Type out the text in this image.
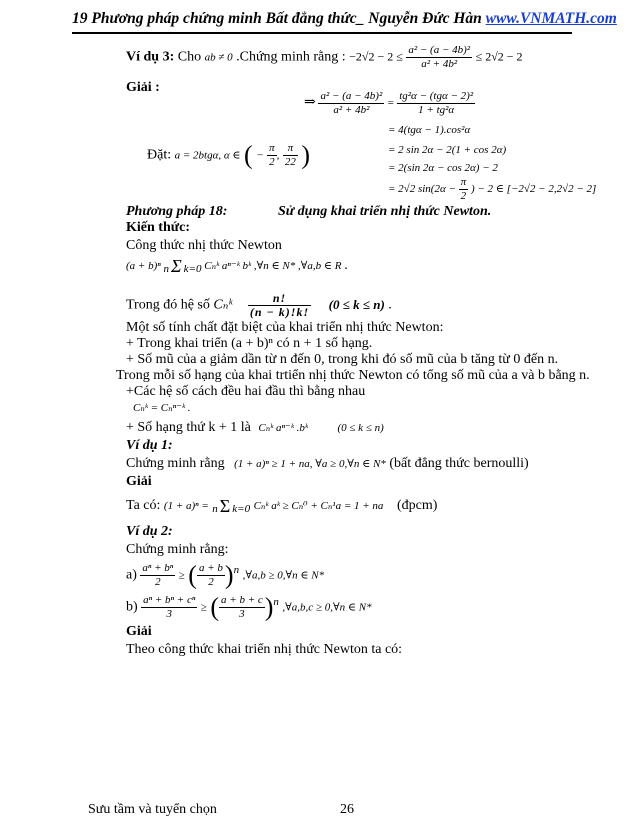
19 Phương pháp chứng minh Bất đẳng thức_ Nguyễn Đức Hàn www.VNMATH.com
Ví dụ 3: Cho ab ≠ 0 .Chứng minh rằng : $-2√2 - 2 \le \frac{\text{a² − (a − 4b)²}}{\text{a² + 4b²}} \le 2√2 - 2$
Giải :
⇒ $\frac{\text{a² − (a − 4b)²}}{\text{a² + 4b²}} = \frac{\text{tg²α − (tgα − 2)²}}{\text{1 + tg²α}}$
= 4(tgα − 1).cos²α
= 2 sin 2α − 2(1 + cos 2α)
= 2(sin 2α − cos 2α) − 2
= 2√2 $\sin(2\alpha - \frac{\pi}{2}$ ) − 2 ∈ [−2√2 − 2,2√2 − 2]
Đặt: a = 2btgα, α ∈ ( − $\frac{\pi}{2}$ , $\frac{\pi}{22}$ )
Phương pháp 18:	Sử dụng khai triển nhị thức Newton.
Kiến thức:
Công thức nhị thức Newton
(a + b)ⁿ n Σ k=0 Cₙᵏ aⁿ⁻ᵏ bᵏ ,∀n ∈ N* ,∀a,b ∈ R .
Trong đó hệ số Cₙᵏ $\frac{n!}{(n - k)!k!} (0 \le k \le n)$ .
Một số tính chất đặt biệt của khai triển nhị thức Newton:
+ Trong khai triển (a + b)ⁿ có n + 1 số hạng.
+ Số mũ của a giảm dần từ n đến 0, trong khi đó số mũ của b tăng từ 0 đến n.
Trong mỗi số hạng của khai trtiển nhị thức Newton có tổng số mũ của a và b bằng n.
+Các hệ số cách đều hai đầu thì bằng nhau
Cₙᵏ = Cₙⁿ⁻ᵏ .
+ Số hạng thứ k + 1 là Cₙᵏ aⁿ⁻ᵏ .bᵏ	(0 ≤ k ≤ n)
Ví dụ 1:
Chứng minh rằng (1 + a)ⁿ ≥ 1 + na, ∀a ≥ 0,∀n ∈ N* (bất đẳng thức bernoulli)
Giải
Ta có: (1 + a)ⁿ = n Σ k=0 Cₙᵏ aᵏ ≥ Cₙ⁰ + Cₙ¹a = 1 + na (đpcm)
Ví dụ 2:
Chứng minh rằng:
$a) \frac{\text{aⁿ + bⁿ}}{2}$ ≥ ( $\frac{a + b}{2} )^n$ ,∀a,b ≥ 0,∀n ∈ N*
$b) \frac{\text{aⁿ + bⁿ + cⁿ}}{3}$ ≥ ( $\frac{a + b + c}{3} )^n$ ,∀a,b,c ≥ 0,∀n ∈ N*
Giải
Theo công thức khai triển nhị thức Newton ta có:
Sưu tầm và tuyển chọn	26
